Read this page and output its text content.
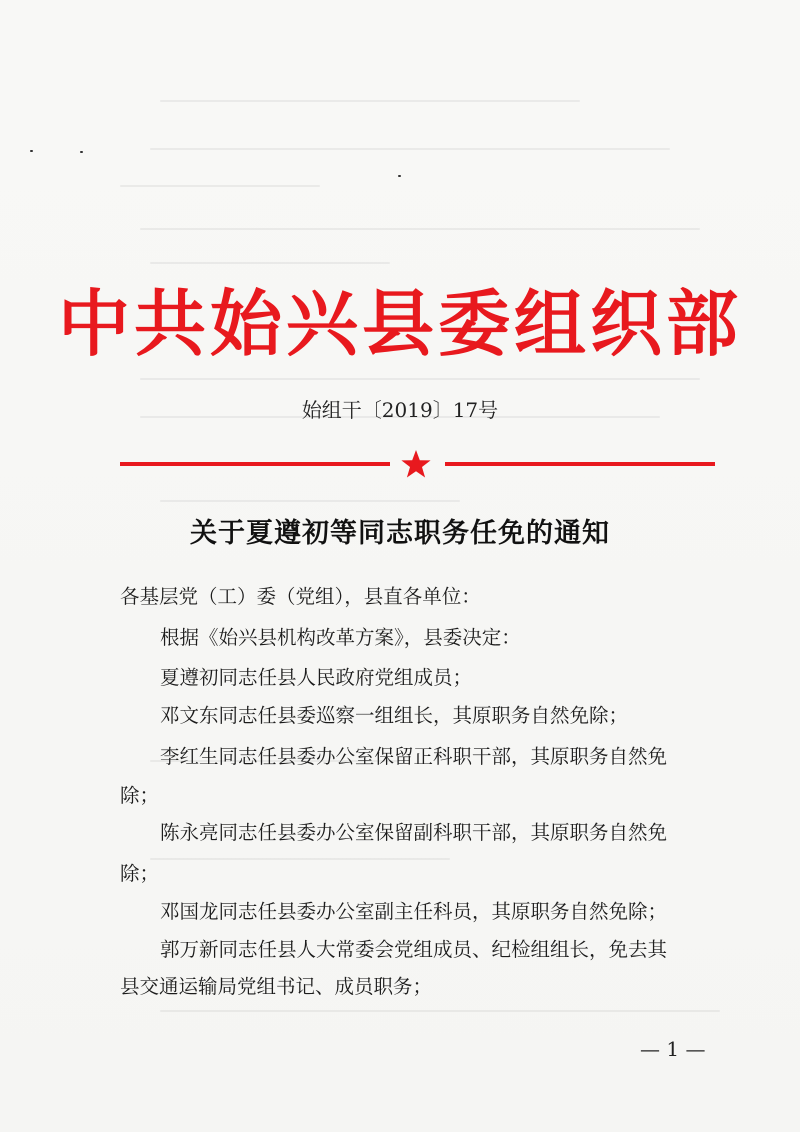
中共始兴县委组织部
始组干〔2019〕17号
关于夏遵初等同志职务任免的通知
各基层党（工）委（党组），县直各单位：
根据《始兴县机构改革方案》，县委决定：
夏遵初同志任县人民政府党组成员；
邓文东同志任县委巡察一组组长，其原职务自然免除；
李红生同志任县委办公室保留正科职干部，其原职务自然免
除；
陈永亮同志任县委办公室保留副科职干部，其原职务自然免
除；
邓国龙同志任县委办公室副主任科员，其原职务自然免除；
郭万新同志任县人大常委会党组成员、纪检组组长，免去其
县交通运输局党组书记、成员职务；
— 1 —
